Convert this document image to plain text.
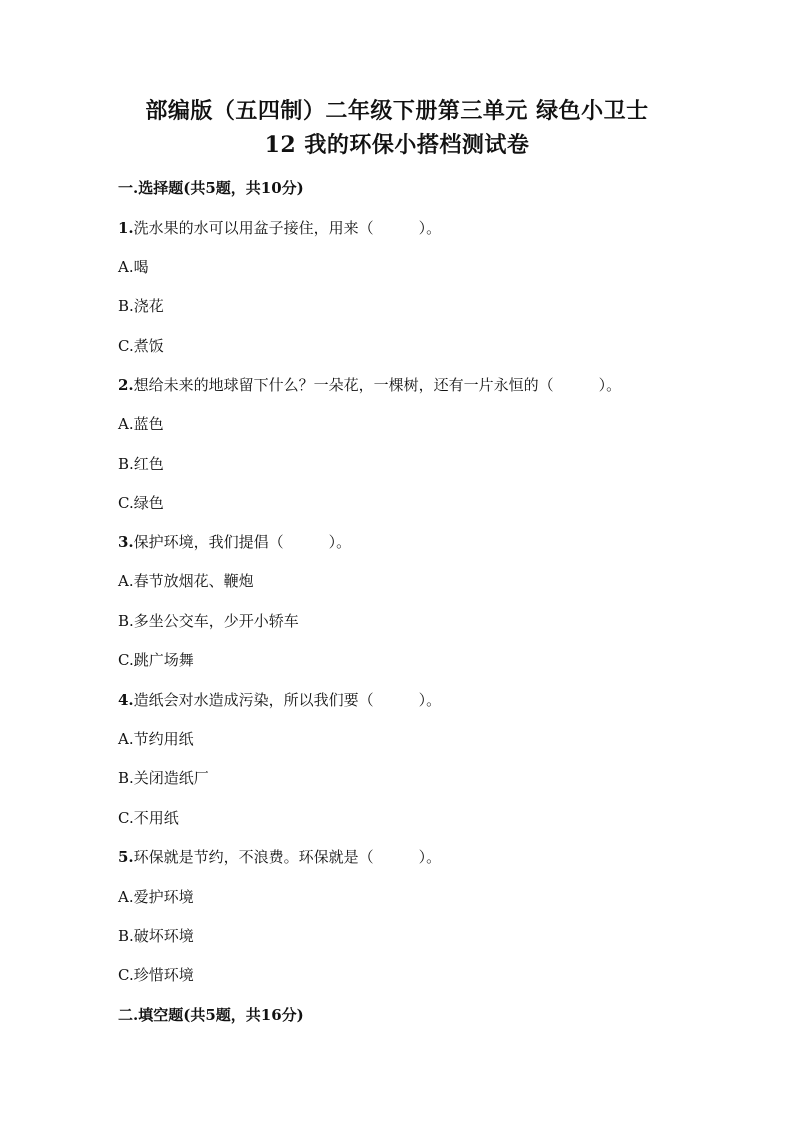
部编版（五四制）二年级下册第三单元 绿色小卫士
12 我的环保小搭档测试卷
一.选择题(共5题，共10分)
1.洗水果的水可以用盆子接住，用来（　　　）。
A.喝
B.浇花
C.煮饭
2.想给未来的地球留下什么？一朵花，一棵树，还有一片永恒的（　　　）。
A.蓝色
B.红色
C.绿色
3.保护环境，我们提倡（　　　）。
A.春节放烟花、鞭炮
B.多坐公交车，少开小轿车
C.跳广场舞
4.造纸会对水造成污染，所以我们要（　　　）。
A.节约用纸
B.关闭造纸厂
C.不用纸
5.环保就是节约，不浪费。环保就是（　　　）。
A.爱护环境
B.破坏环境
C.珍惜环境
二.填空题(共5题，共16分)
